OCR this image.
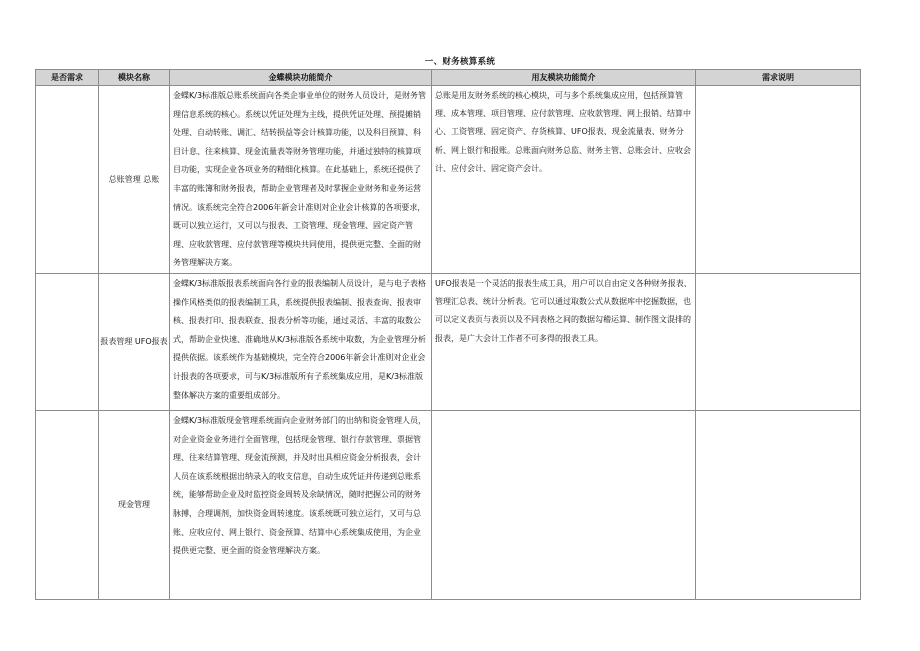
一、财务核算系统
是否需求	模块名称	金蝶模块功能简介	用友模块功能简介	需求说明
	总账管理 总账	金蝶K/3标准版总账系统面向各类企事业单位的财务人员设计，是财务管理信息系统的核心。系统以凭证处理为主线，提供凭证处理、预提摊销处理、自动转账、调汇、结转损益等会计核算功能，以及科目预算、科目计息、往来核算、现金流量表等财务管理功能，并通过独特的核算项目功能，实现企业各项业务的精细化核算。在此基础上，系统还提供了丰富的账簿和财务报表，帮助企业管理者及时掌握企业财务和业务运营情况。该系统完全符合2006年新会计准则对企业会计核算的各项要求，既可以独立运行，又可以与报表、工资管理、现金管理、固定资产管理、应收款管理、应付款管理等模块共同使用，提供更完整、全面的财务管理解决方案。	总账是用友财务系统的核心模块，可与多个系统集成应用，包括预算管理、成本管理、项目管理、应付款管理、应收款管理、网上报销、结算中心、工资管理、固定资产、存货核算、UFO报表、现金流量表、财务分析、网上银行和报账。总账面向财务总监、财务主管、总账会计、应收会计、应付会计、固定资产会计。	
	报表管理 UFO报表	金蝶K/3标准版报表系统面向各行业的报表编制人员设计，是与电子表格操作风格类似的报表编制工具，系统提供报表编制、报表查询、报表审核、报表打印、报表联查、报表分析等功能，通过灵活、丰富的取数公式，帮助企业快速、准确地从K/3标准版各系统中取数，为企业管理分析提供依据。该系统作为基础模块，完全符合2006年新会计准则对企业会计报表的各项要求，可与K/3标准版所有子系统集成应用，是K/3标准版整体解决方案的重要组成部分。	UFO报表是一个灵活的报表生成工具，用户可以自由定义各种财务报表、管理汇总表、统计分析表。它可以通过取数公式从数据库中挖掘数据，也可以定义表页与表页以及不同表格之间的数据勾稽运算、制作图文混排的报表，是广大会计工作者不可多得的报表工具。	
	现金管理	金蝶K/3标准版现金管理系统面向企业财务部门的出纳和资金管理人员，对企业资金业务进行全面管理，包括现金管理、银行存款管理、票据管理、往来结算管理、现金流预测，并及时出具相应资金分析报表，会计人员在该系统根据出纳录入的收支信息，自动生成凭证并传递到总账系统，能够帮助企业及时监控资金周转及余缺情况，随时把握公司的财务脉搏，合理调剂，加快资金周转速度。该系统既可独立运行，又可与总账、应收应付、网上银行、资金预算、结算中心系统集成使用，为企业提供更完整、更全面的资金管理解决方案。		
